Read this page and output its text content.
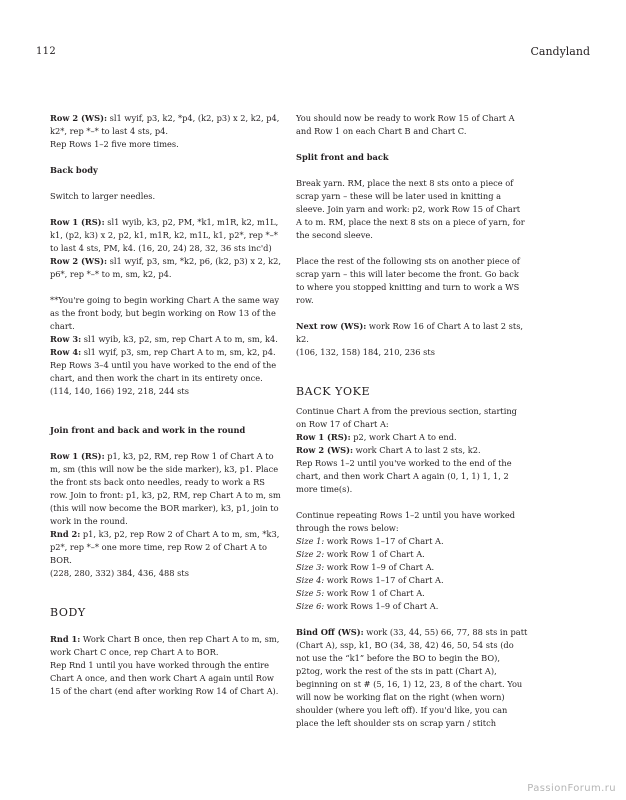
112	Candyland

Row 2 (WS): sl1 wyif, p3, k2, *p4, (k2, p3) x 2, k2, p4, k2*, rep *–* to last 4 sts, p4.

Rep Rows 1–2 five more times.

Back body

Switch to larger needles.

Row 1 (RS): sl1 wyib, k3, p2, PM, *k1, m1R, k2, m1L, k1, (p2, k3) x 2, p2, k1, m1R, k2, m1L, k1, p2*, rep *–* to last 4 sts, PM, k4. (16, 20, 24) 28, 32, 36 sts inc'd)

Row 2 (WS): sl1 wyif, p3, sm, *k2, p6, (k2, p3) x 2, k2, p6*, rep *–* to m, sm, k2, p4.

**You're going to begin working Chart A the same way as the front body, but begin working on Row 13 of the chart.

Row 3: sl1 wyib, k3, p2, sm, rep Chart A to m, sm, k4.

Row 4: sl1 wyif, p3, sm, rep Chart A to m, sm, k2, p4.

Rep Rows 3–4 until you have worked to the end of the chart, and then work the chart in its entirety once.

(114, 140, 166) 192, 218, 244 sts

Join front and back and work in the round

Row 1 (RS): p1, k3, p2, RM, rep Row 1 of Chart A to m, sm (this will now be the side marker), k3, p1. Place the front sts back onto needles, ready to work a RS row. Join to front: p1, k3, p2, RM, rep Chart A to m, sm (this will now become the BOR marker), k3, p1, join to work in the round.

Rnd 2: p1, k3, p2, rep Row 2 of Chart A to m, sm, *k3, p2*, rep *–* one more time, rep Row 2 of Chart A to BOR.

(228, 280, 332) 384, 436, 488 sts

BODY

Rnd 1: Work Chart B once, then rep Chart A to m, sm, work Chart C once, rep Chart A to BOR.

Rep Rnd 1 until you have worked through the entire Chart A once, and then work Chart A again until Row 15 of the chart (end after working Row 14 of Chart A).

You should now be ready to work Row 15 of Chart A and Row 1 on each Chart B and Chart C.

Split front and back

Break yarn. RM, place the next 8 sts onto a piece of scrap yarn – these will be later used in knitting a sleeve. Join yarn and work: p2, work Row 15 of Chart A to m. RM, place the next 8 sts on a piece of yarn, for the second sleeve.

Place the rest of the following sts on another piece of scrap yarn – this will later become the front. Go back to where you stopped knitting and turn to work a WS row.

Next row (WS): work Row 16 of Chart A to last 2 sts, k2.

(106, 132, 158) 184, 210, 236 sts

BACK YOKE

Continue Chart A from the previous section, starting on Row 17 of Chart A:

Row 1 (RS): p2, work Chart A to end.

Row 2 (WS): work Chart A to last 2 sts, k2.

Rep Rows 1–2 until you've worked to the end of the chart, and then work Chart A again (0, 1, 1) 1, 1, 2 more time(s).

Continue repeating Rows 1–2 until you have worked through the rows below:

Size 1: work Rows 1–17 of Chart A.

Size 2: work Row 1 of Chart A.

Size 3: work Row 1–9 of Chart A.

Size 4: work Rows 1–17 of Chart A.

Size 5: work Row 1 of Chart A.

Size 6: work Rows 1–9 of Chart A.

Bind Off (WS): work (33, 44, 55) 66, 77, 88 sts in patt (Chart A), ssp, k1, BO (34, 38, 42) 46, 50, 54 sts (do not use the “k1” before the BO to begin the BO), p2tog, work the rest of the sts in patt (Chart A), beginning on st # (5, 16, 1) 12, 23, 8 of the chart. You will now be working flat on the right (when worn) shoulder (where you left off). If you'd like, you can place the left shoulder sts on scrap yarn / stitch

PassionForum.ru
